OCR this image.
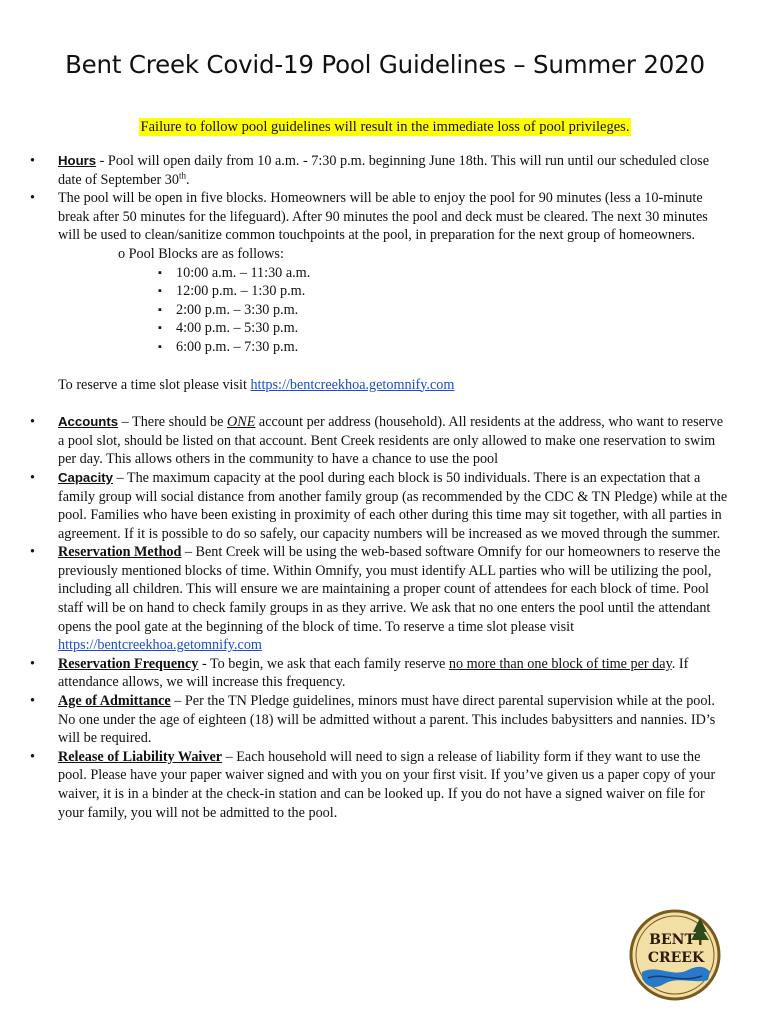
Bent Creek Covid-19 Pool Guidelines – Summer 2020
Failure to follow pool guidelines will result in the immediate loss of pool privileges.
• Hours - Pool will open daily from 10 a.m. - 7:30 p.m. beginning June 18th. This will run until our scheduled close date of September 30th.
• The pool will be open in five blocks. Homeowners will be able to enjoy the pool for 90 minutes (less a 10-minute break after 50 minutes for the lifeguard). After 90 minutes the pool and deck must be cleared. The next 30 minutes will be used to clean/sanitize common touchpoints at the pool, in preparation for the next group of homeowners.

o Pool Blocks are as follows:

▪ 10:00 a.m. – 11:30 a.m.
▪ 12:00 p.m. – 1:30 p.m.
▪ 2:00 p.m. – 3:30 p.m.
▪ 4:00 p.m. – 5:30 p.m.
▪ 6:00 p.m. – 7:30 p.m.

To reserve a time slot please visit https://bentcreekhoa.getomnify.com

• Accounts – There should be ONE account per address (household). All residents at the address, who want to reserve a pool slot, should be listed on that account. Bent Creek residents are only allowed to make one reservation to swim per day. This allows others in the community to have a chance to use the pool
• Capacity – The maximum capacity at the pool during each block is 50 individuals. There is an expectation that a family group will social distance from another family group (as recommended by the CDC & TN Pledge) while at the pool. Families who have been existing in proximity of each other during this time may sit together, with all parties in agreement. If it is possible to do so safely, our capacity numbers will be increased as we moved through the summer.
• Reservation Method – Bent Creek will be using the web-based software Omnify for our homeowners to reserve the previously mentioned blocks of time. Within Omnify, you must identify ALL parties who will be utilizing the pool, including all children. This will ensure we are maintaining a proper count of attendees for each block of time. Pool staff will be on hand to check family groups in as they arrive. We ask that no one enters the pool until the attendant opens the pool gate at the beginning of the block of time. To reserve a time slot please visit https://bentcreekhoa.getomnify.com
• Reservation Frequency - To begin, we ask that each family reserve no more than one block of time per day. If attendance allows, we will increase this frequency.
• Age of Admittance – Per the TN Pledge guidelines, minors must have direct parental supervision while at the pool. No one under the age of eighteen (18) will be admitted without a parent. This includes babysitters and nannies. ID’s will be required.
• Release of Liability Waiver – Each household will need to sign a release of liability form if they want to use the pool. Please have your paper waiver signed and with you on your first visit. If you’ve given us a paper copy of your waiver, it is in a binder at the check-in station and can be looked up. If you do not have a signed waiver on file for your family, you will not be admitted to the pool.
BENT
CREEK
